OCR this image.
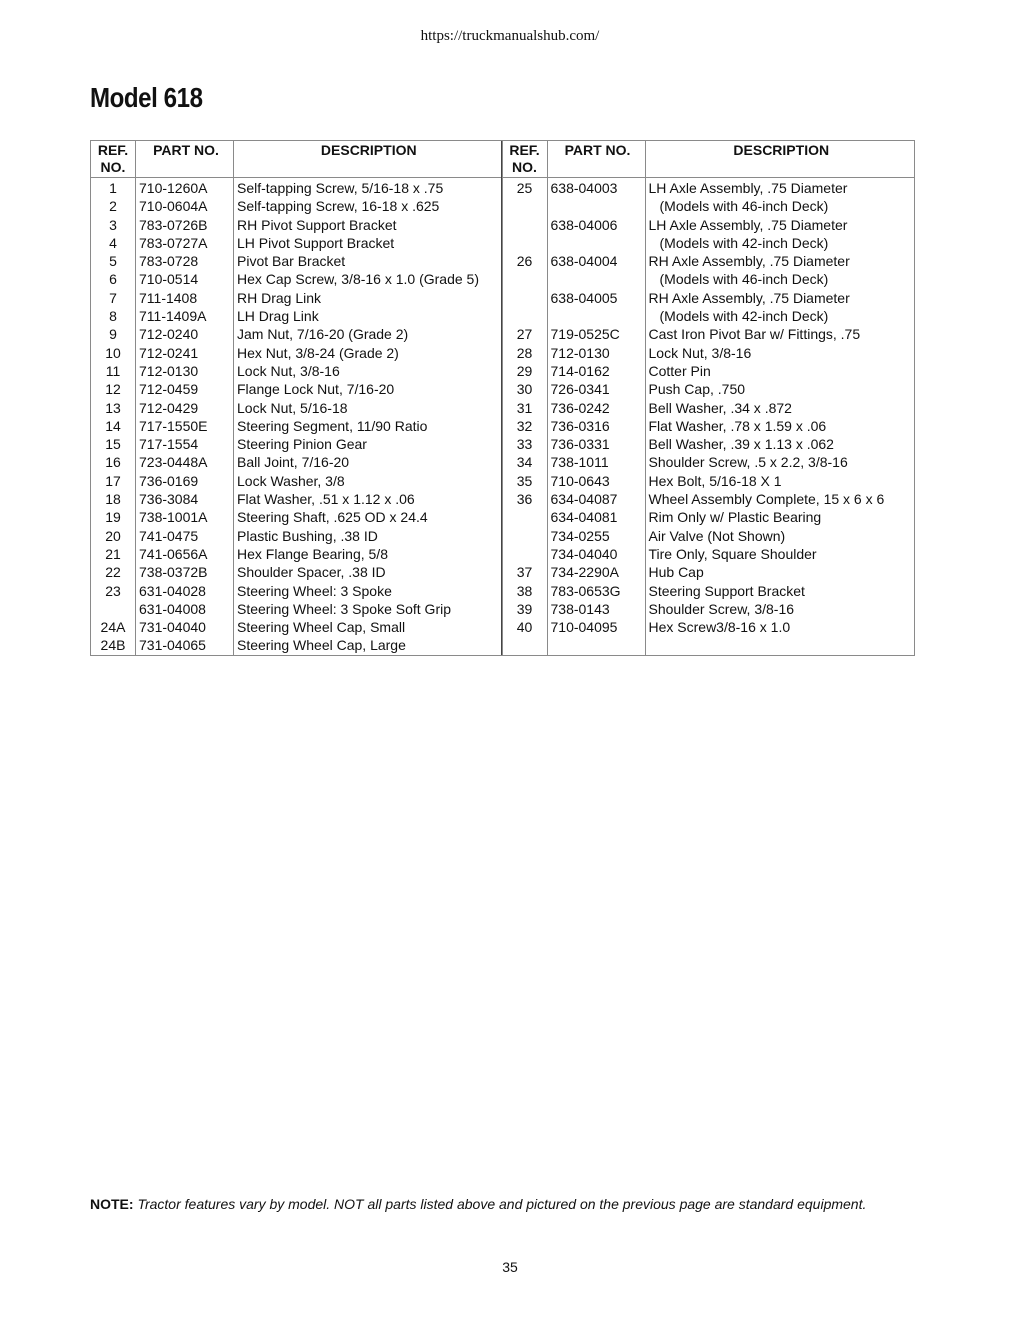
https://truckmanualshub.com/
Model 618
REF.
NO.
PART NO.	DESCRIPTION
1
2
3
4
5
6
7
8
9
10
11
12
13
14
15
16
17
18
19
20
21
22
23
24A
24B
710-1260A
710-0604A
783-0726B
783-0727A
783-0728
710-0514
711-1408
711-1409A
712-0240
712-0241
712-0130
712-0459
712-0429
717-1550E
717-1554
723-0448A
736-0169
736-3084
738-1001A
741-0475
741-0656A
738-0372B
631-04028
631-04008
731-04040
731-04065
Self-tapping Screw, 5/16-18 x .75
Self-tapping Screw, 16-18 x .625
RH Pivot Support Bracket
LH Pivot Support Bracket
Pivot Bar Bracket
Hex Cap Screw, 3/8-16 x 1.0 (Grade 5)
RH Drag Link
LH Drag Link
Jam Nut, 7/16-20 (Grade 2)
Hex Nut, 3/8-24 (Grade 2)
Lock Nut, 3/8-16
Flange Lock Nut, 7/16-20
Lock Nut, 5/16-18
Steering Segment, 11/90 Ratio
Steering Pinion Gear
Ball Joint, 7/16-20
Lock Washer, 3/8
Flat Washer, .51 x 1.12 x .06
Steering Shaft, .625 OD x 24.4
Plastic Bushing, .38 ID
Hex Flange Bearing, 5/8
Shoulder Spacer, .38 ID
Steering Wheel: 3 Spoke
Steering Wheel: 3 Spoke Soft Grip
Steering Wheel Cap, Small
Steering Wheel Cap, Large
REF.
NO.
PART NO.	DESCRIPTION
25
26
27
28
29
30
31
32
33
34
35
36
37
38
39
40
638-04003
638-04006
638-04004
638-04005
719-0525C
712-0130
714-0162
726-0341
736-0242
736-0316
736-0331
738-1011
710-0643
634-04087
634-04081
734-0255
734-04040
734-2290A
783-0653G
738-0143
710-04095
LH Axle Assembly, .75 Diameter
(Models with 46-inch Deck)
LH Axle Assembly, .75 Diameter
(Models with 42-inch Deck)
RH Axle Assembly, .75 Diameter
(Models with 46-inch Deck)
RH Axle Assembly, .75 Diameter
(Models with 42-inch Deck)
Cast Iron Pivot Bar w/ Fittings, .75
Lock Nut, 3/8-16
Cotter Pin
Push Cap, .750
Bell Washer, .34 x .872
Flat Washer, .78 x 1.59 x .06
Bell Washer, .39 x 1.13 x .062
Shoulder Screw, .5 x 2.2, 3/8-16
Hex Bolt, 5/16-18 X 1
Wheel Assembly Complete, 15 x 6 x 6
Rim Only w/ Plastic Bearing
Air Valve (Not Shown)
Tire Only, Square Shoulder
Hub Cap
Steering Support Bracket
Shoulder Screw, 3/8-16
Hex Screw3/8-16 x 1.0
NOTE: Tractor features vary by model. NOT all parts listed above and pictured on the previous page are standard equipment.
35
